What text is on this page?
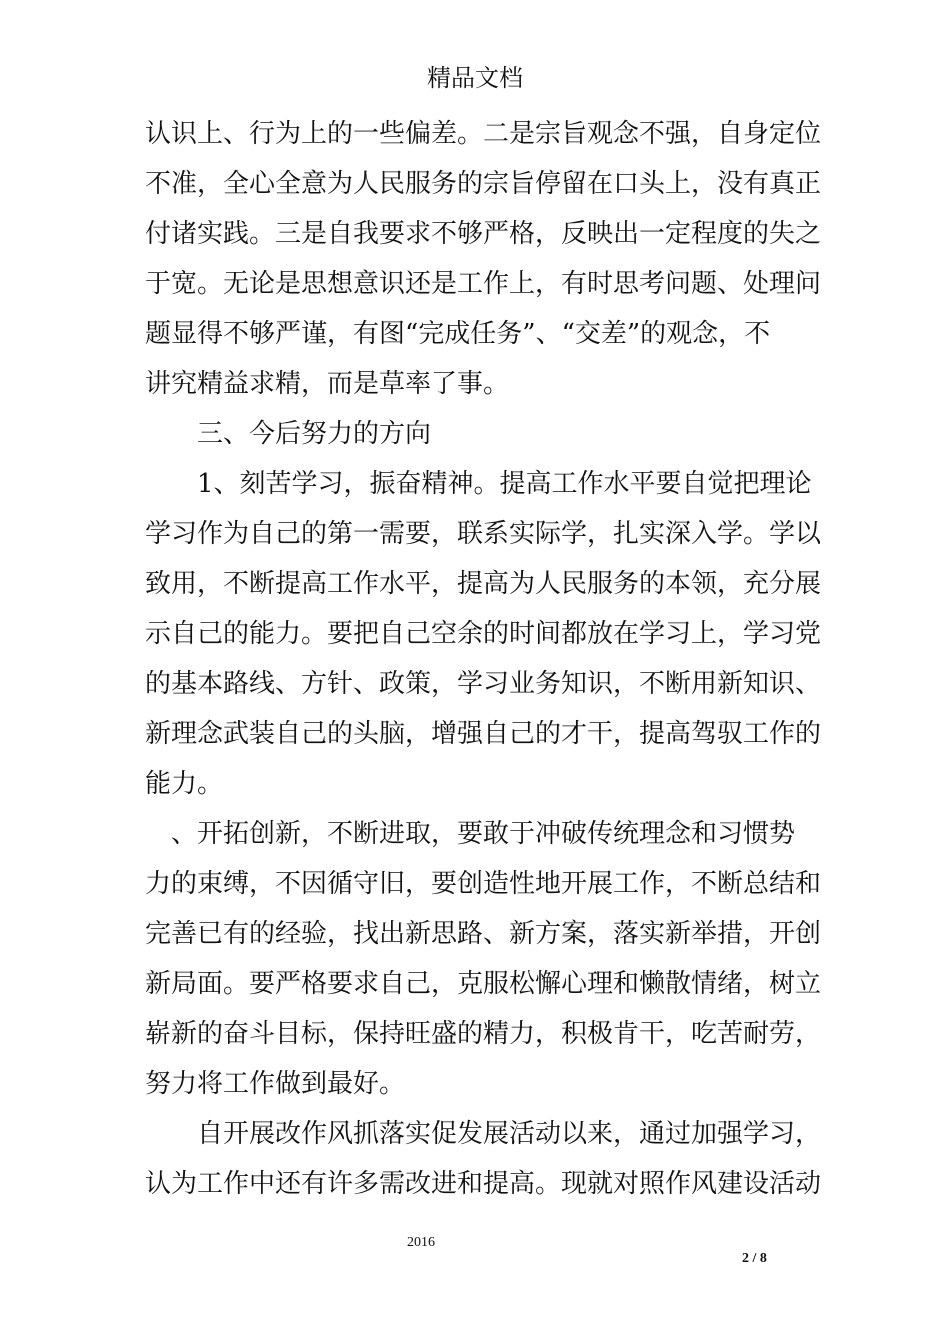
精品文档
认识上、行为上的一些偏差。二是宗旨观念不强，自身定位
不准，全心全意为人民服务的宗旨停留在口头上，没有真正
付诸实践。三是自我要求不够严格，反映出一定程度的失之
于宽。无论是思想意识还是工作上，有时思考问题、处理问
题显得不够严谨，有图“完成任务”、“交差”的观念，不
讲究精益求精，而是草率了事。
三、今后努力的方向
1、刻苦学习，振奋精神。提高工作水平要自觉把理论
学习作为自己的第一需要，联系实际学，扎实深入学。学以
致用，不断提高工作水平，提高为人民服务的本领，充分展
示自己的能力。要把自己空余的时间都放在学习上，学习党
的基本路线、方针、政策，学习业务知识，不断用新知识、
新理念武装自己的头脑，增强自己的才干，提高驾驭工作的
能力。
、开拓创新，不断进取，要敢于冲破传统理念和习惯势
力的束缚，不因循守旧，要创造性地开展工作，不断总结和
完善已有的经验，找出新思路、新方案，落实新举措，开创
新局面。要严格要求自己，克服松懈心理和懒散情绪，树立
崭新的奋斗目标，保持旺盛的精力，积极肯干，吃苦耐劳，
努力将工作做到最好。
自开展改作风抓落实促发展活动以来，通过加强学习，
认为工作中还有许多需改进和提高。现就对照作风建设活动
2016
2 / 8
